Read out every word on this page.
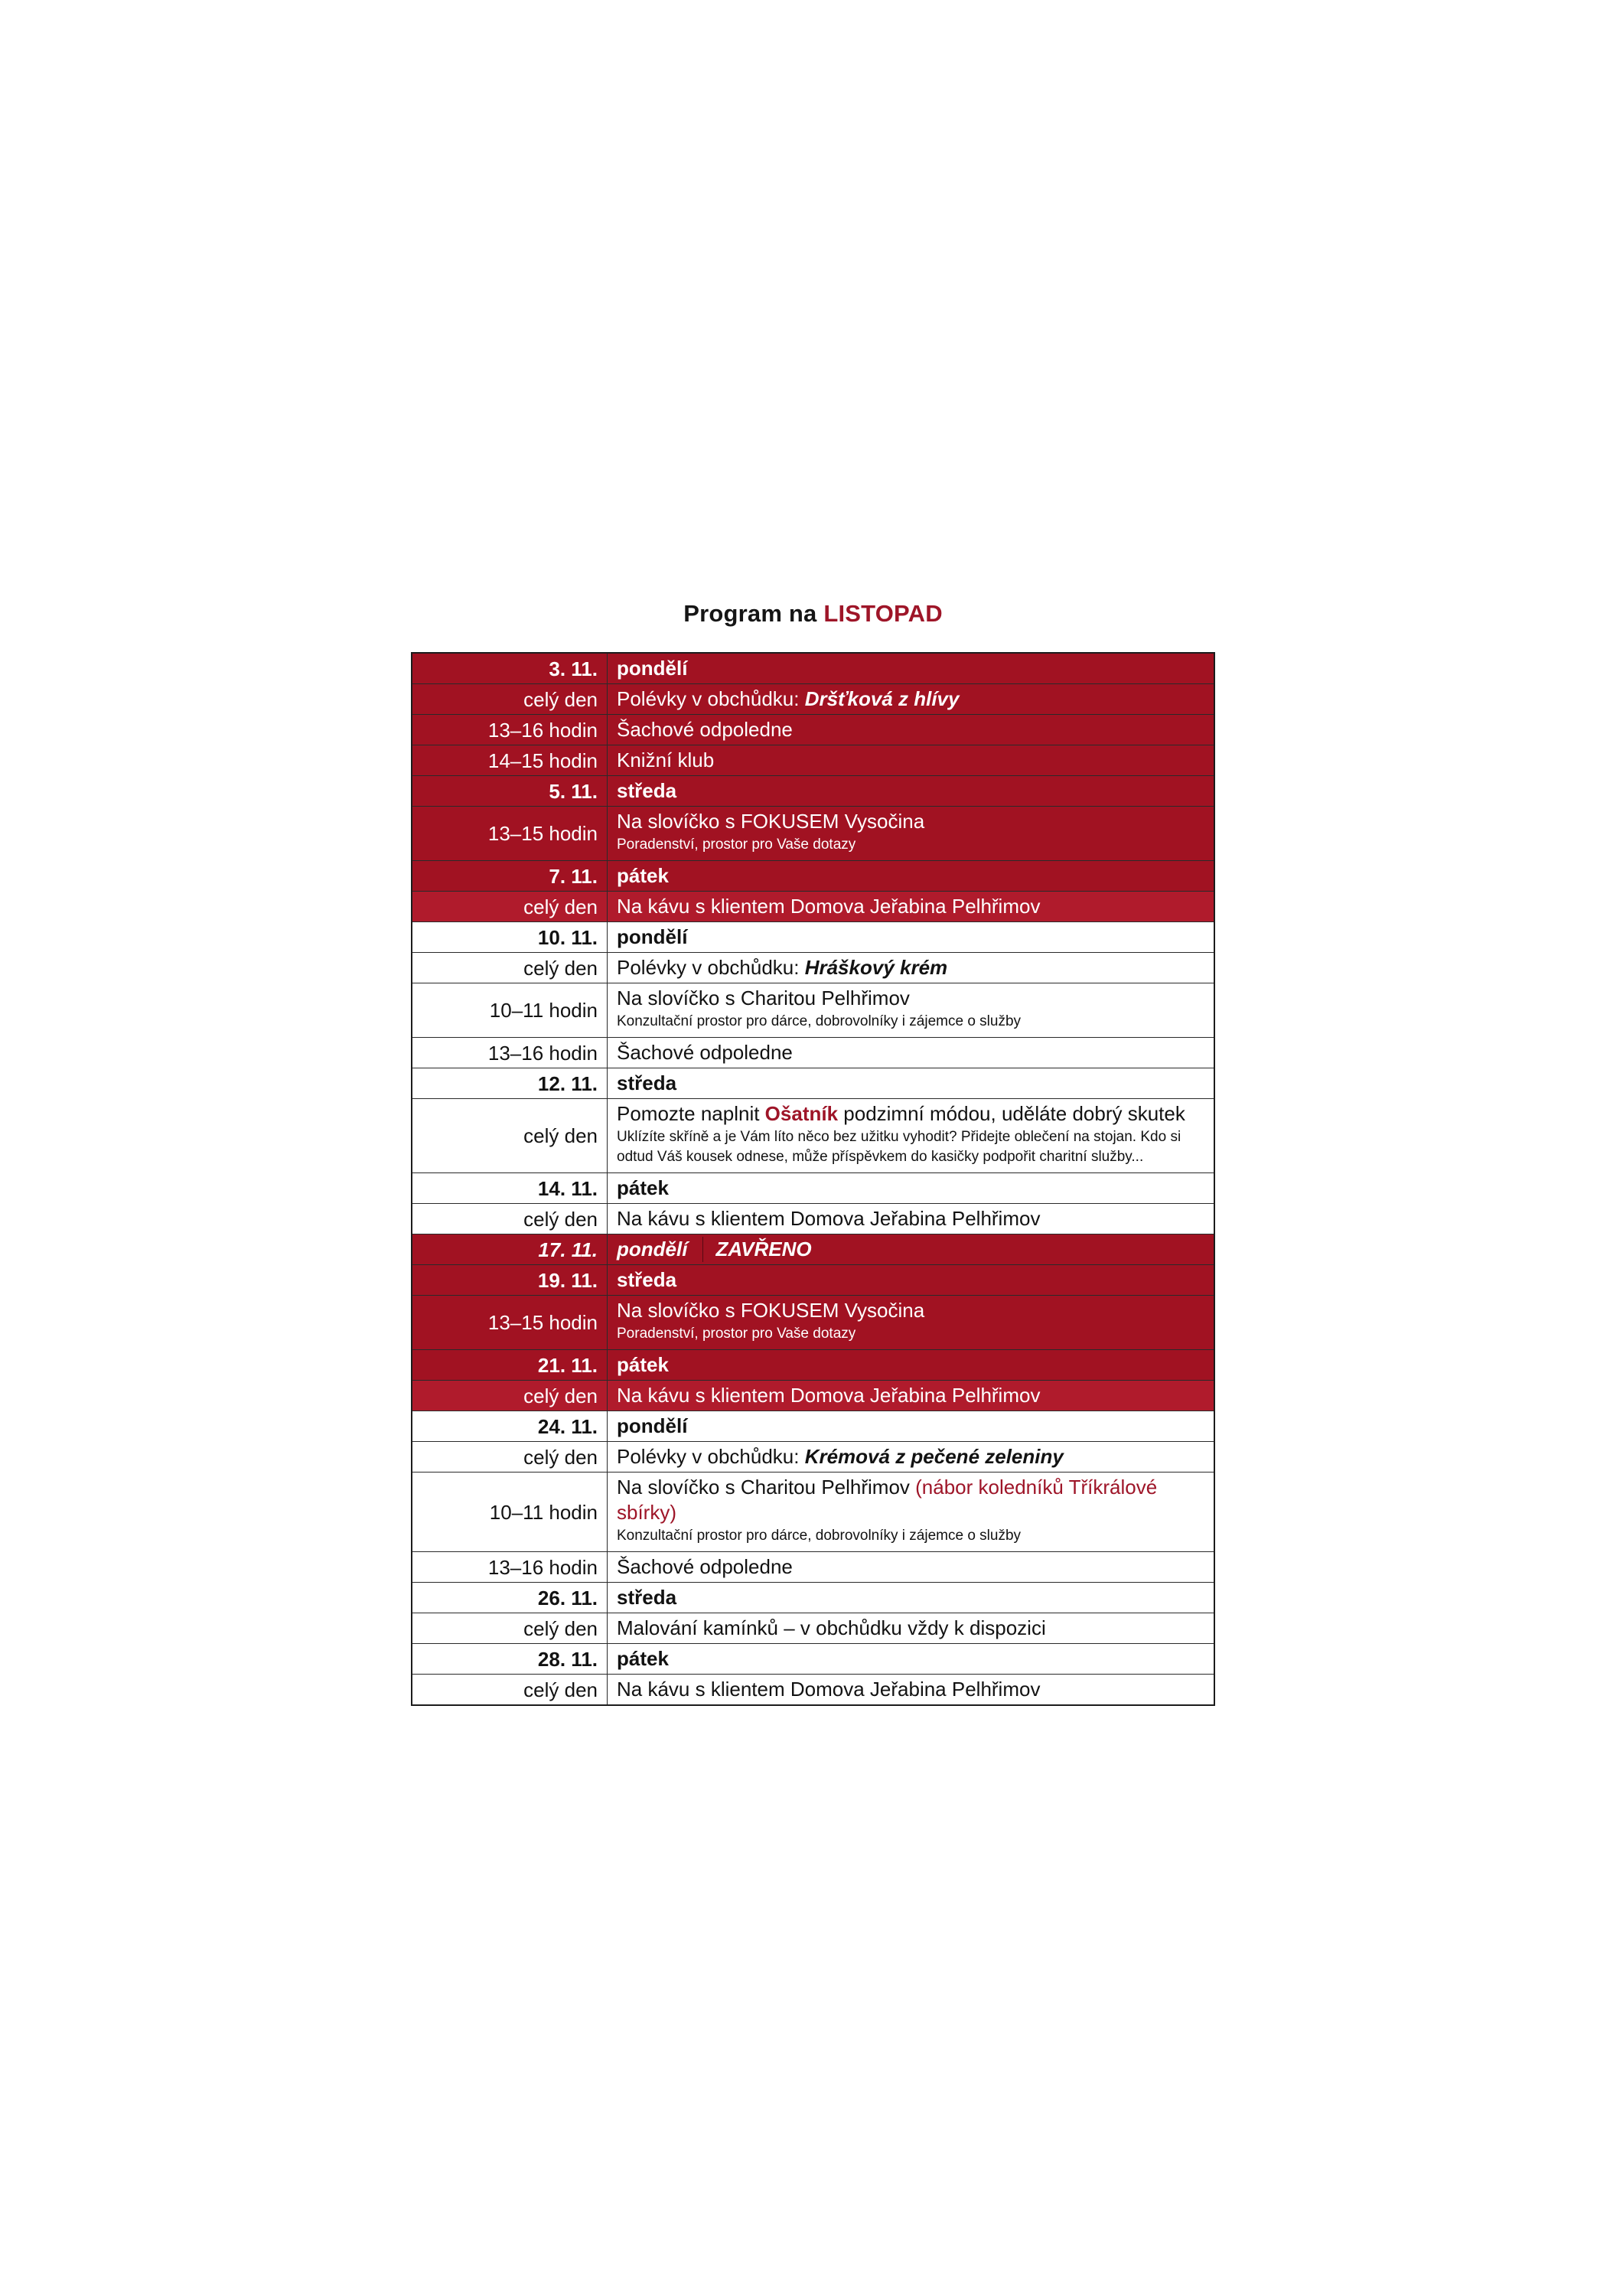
Program na LISTOPAD
3. 11. pondělí
celý den Polévky v obchůdku: Dršťková z hlívy
13–16 hodin Šachové odpoledne
14–15 hodin Knižní klub
5. 11. středa
13–15 hodin
Na slovíčko s FOKUSEM Vysočina
Poradenství, prostor pro Vaše dotazy
7. 11. pátek
celý den Na kávu s klientem Domova Jeřabina Pelhřimov
10. 11. pondělí
celý den Polévky v obchůdku: Hráškový krém
10–11 hodin
Na slovíčko s Charitou Pelhřimov
Konzultační prostor pro dárce, dobrovolníky i zájemce o služby
13–16 hodin Šachové odpoledne
12. 11. středa
celý den
Pomozte naplnit Ošatník podzimní módou, uděláte dobrý skutek
Uklízíte skříně a je Vám líto něco bez užitku vyhodit? Přidejte oblečení na stojan. Kdo si odtud Váš kousek odnese, může příspěvkem do kasičky podpořit charitní služby...
14. 11. pátek
celý den Na kávu s klientem Domova Jeřabina Pelhřimov
17. 11. pondělí ZAVŘENO
19. 11. středa
13–15 hodin
Na slovíčko s FOKUSEM Vysočina
Poradenství, prostor pro Vaše dotazy
21. 11. pátek
celý den Na kávu s klientem Domova Jeřabina Pelhřimov
24. 11. pondělí
celý den Polévky v obchůdku: Krémová z pečené zeleniny
10–11 hodin
Na slovíčko s Charitou Pelhřimov (nábor koledníků Tříkrálové sbírky)
Konzultační prostor pro dárce, dobrovolníky i zájemce o služby
13–16 hodin Šachové odpoledne
26. 11. středa
celý den Malování kamínků – v obchůdku vždy k dispozici
28. 11. pátek
celý den Na kávu s klientem Domova Jeřabina Pelhřimov
